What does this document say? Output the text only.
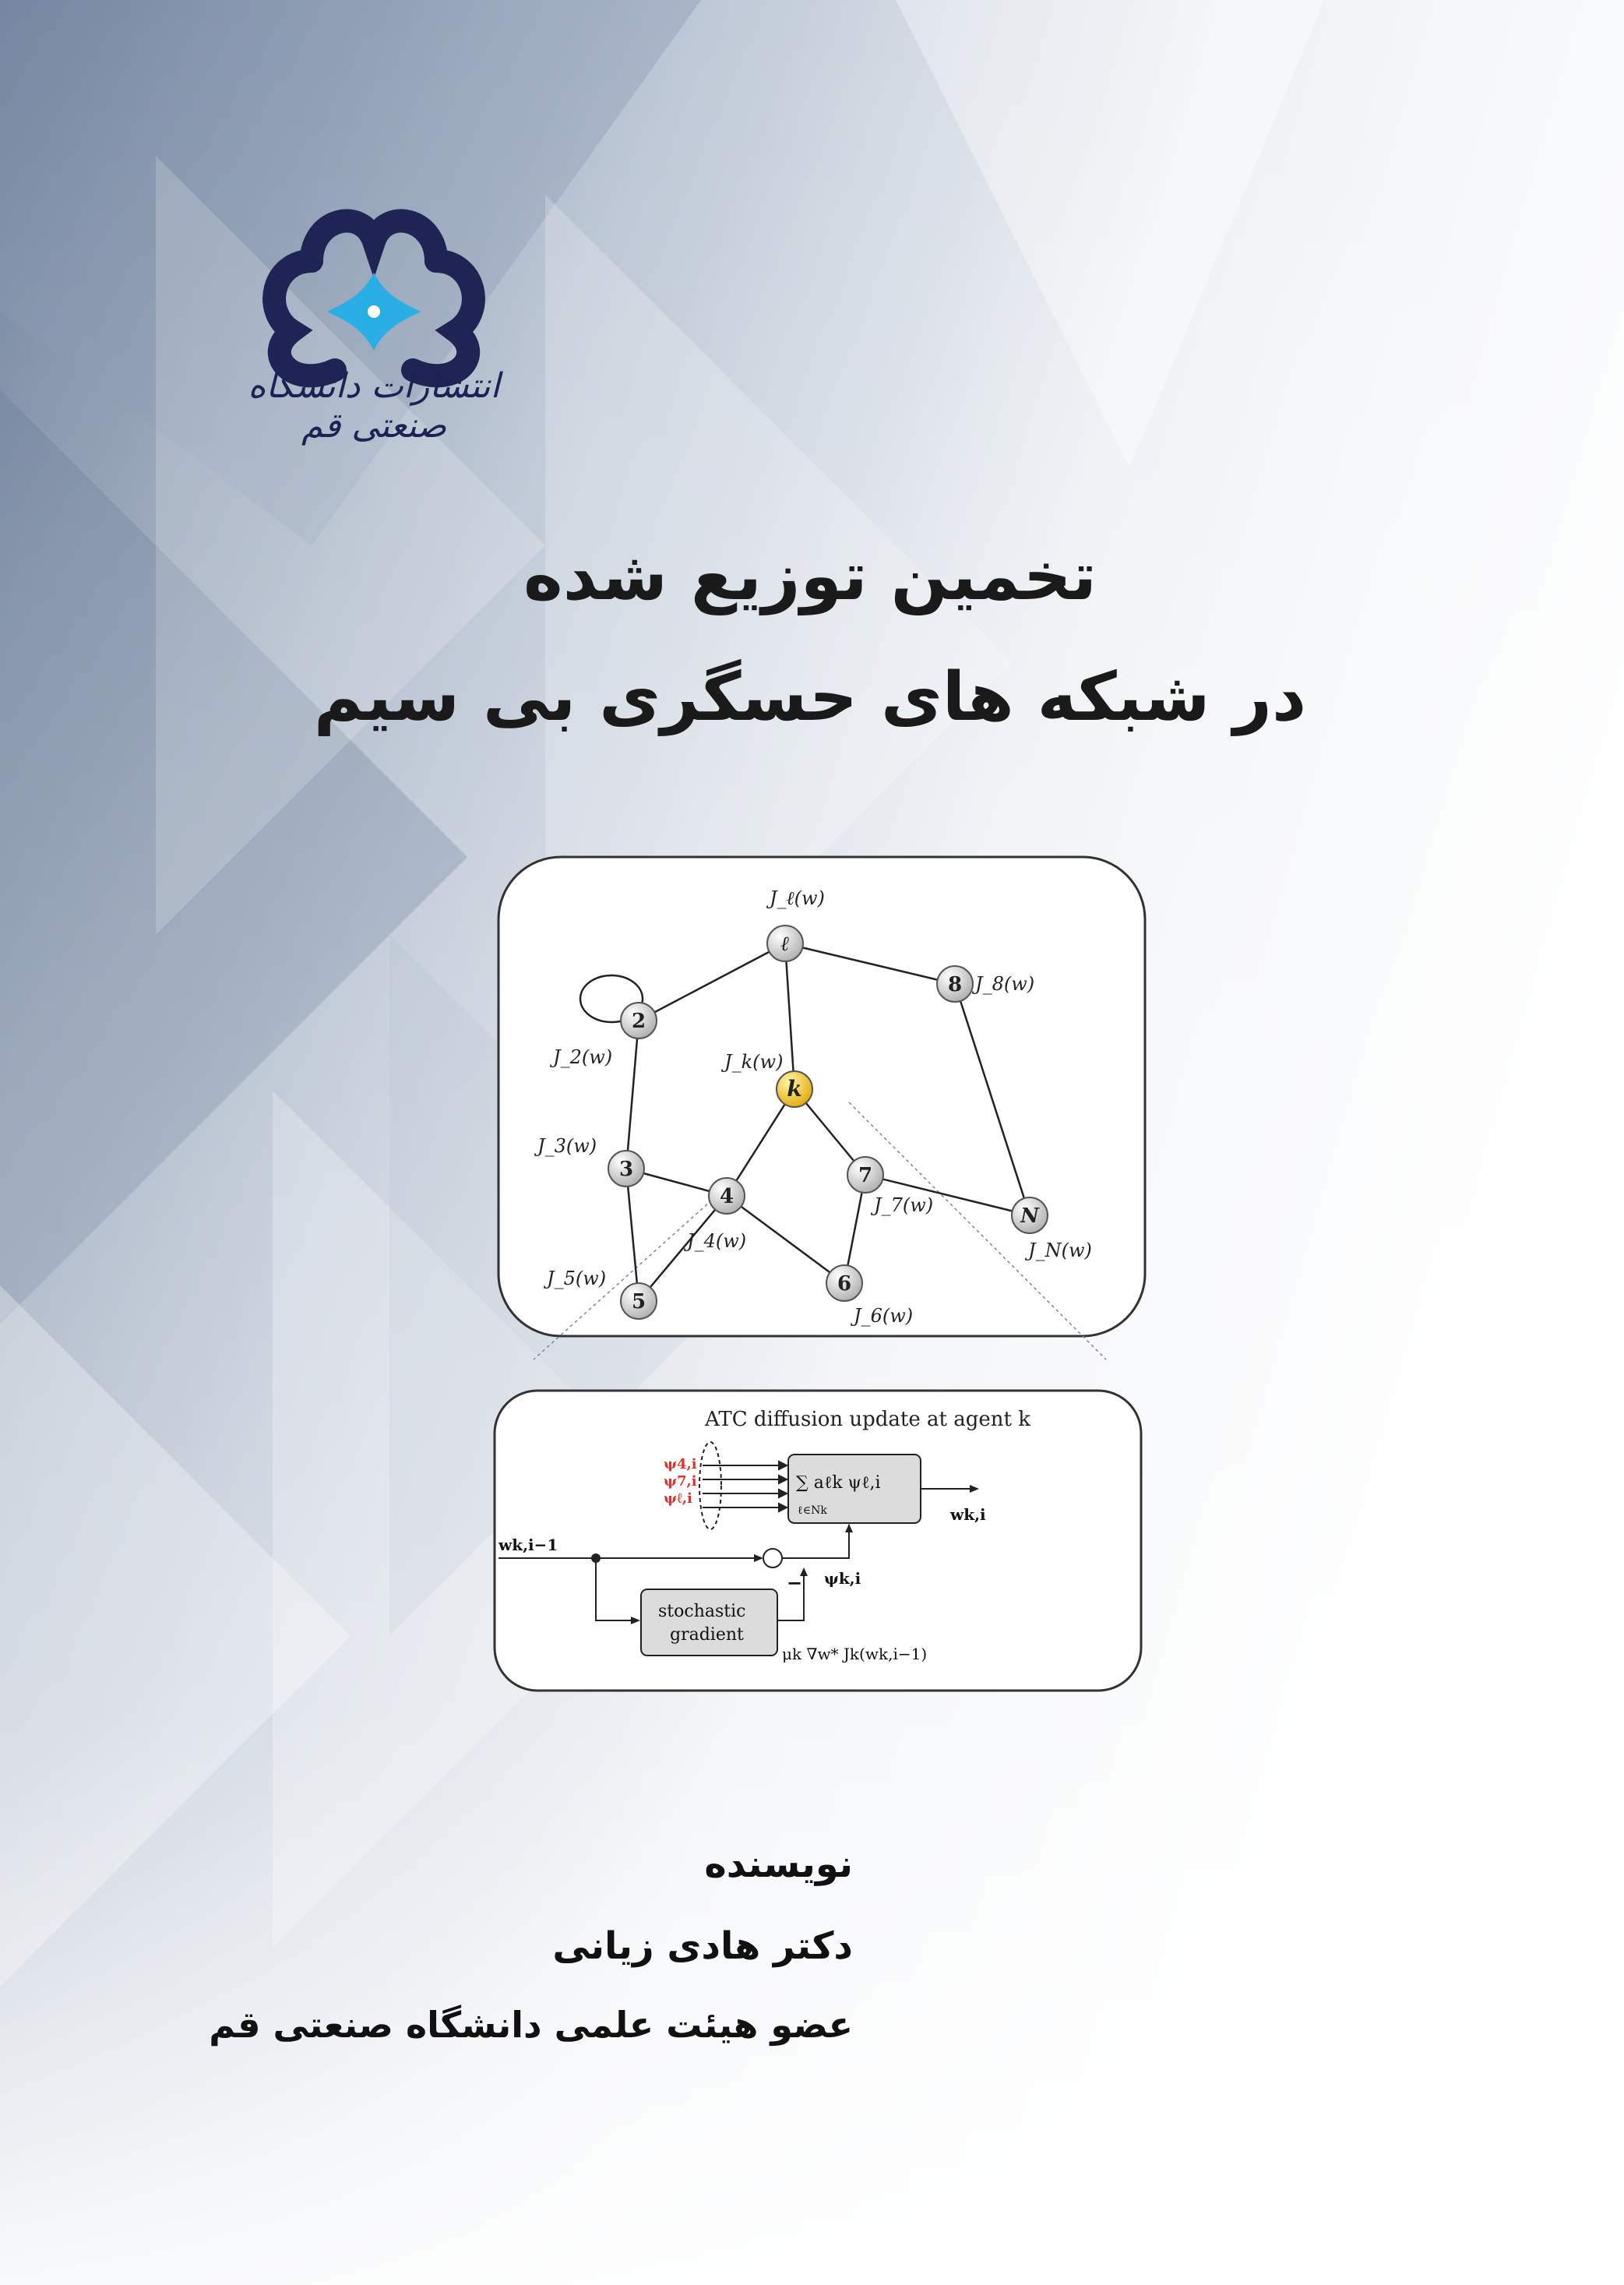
انتشارات دانشگاه صنعتی قم
تخمین توزیع شده
در شبکه های حسگری بی سیم
ℓ
J_ℓ(w)
2
J_2(w)
8 J_8(w)
k
J_k(w)
3
J_3(w)
4
J_4(w)
7
J_7(w)	N
J_N(w)
5
J_5(w)	6
J_6(w)
ATC diffusion update at agent k
ψ4,i
ψ7,i
ψℓ,i
∑ aℓk ψℓ,i
ℓ∈Nk	wk,i
wk,i−1
stochastic
gradient
− ψk,i
μk ∇w* Jk(wk,i−1)
نویسنده
دکتر هادی زیانی
عضو هیئت علمی دانشگاه صنعتی قم
